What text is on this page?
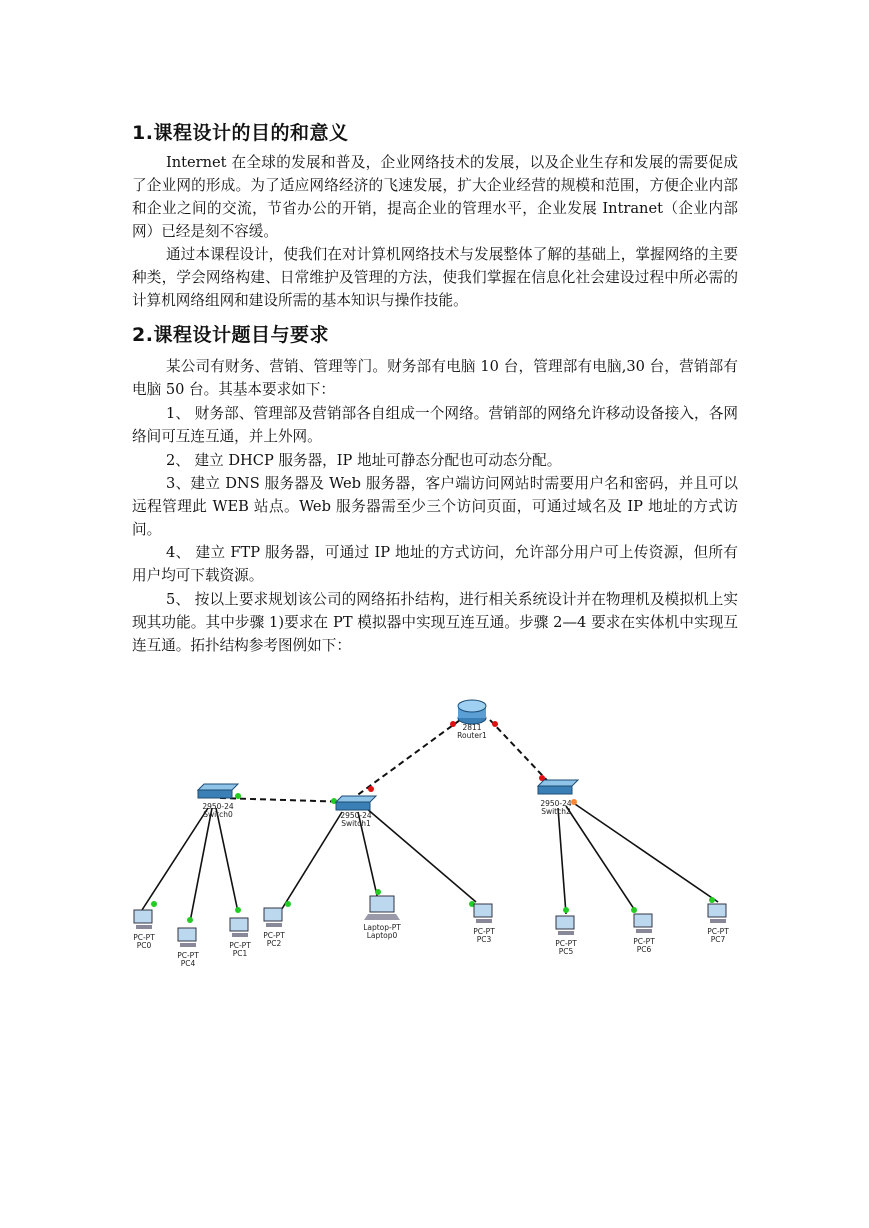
1.课程设计的目的和意义

Internet 在全球的发展和普及，企业网络技术的发展，以及企业生存和发展的需要促成了企业网的形成。为了适应网络经济的飞速发展，扩大企业经营的规模和范围，方便企业内部和企业之间的交流，节省办公的开销，提高企业的管理水平，企业发展 Intranet（企业内部网）已经是刻不容缓。

通过本课程设计，使我们在对计算机网络技术与发展整体了解的基础上，掌握网络的主要种类，学会网络构建、日常维护及管理的方法，使我们掌握在信息化社会建设过程中所必需的计算机网络组网和建设所需的基本知识与操作技能。

2.课程设计题目与要求

某公司有财务、营销、管理等门。财务部有电脑 10 台，管理部有电脑,30 台，营销部有电脑 50 台。其基本要求如下：

1、 财务部、管理部及营销部各自组成一个网络。营销部的网络允许移动设备接入，各网络间可互连互通，并上外网。

2、 建立 DHCP 服务器，IP 地址可静态分配也可动态分配。

3、建立 DNS 服务器及 Web 服务器，客户端访问网站时需要用户名和密码，并且可以远程管理此 WEB 站点。Web 服务器需至少三个访问页面，可通过域名及 IP 地址的方式访问。

4、 建立 FTP 服务器，可通过 IP 地址的方式访问，允许部分用户可上传资源，但所有用户均可下载资源。

5、 按以上要求规划该公司的网络拓扑结构，进行相关系统设计并在物理机及模拟机上实现其功能。其中步骤 1)要求在 PT 模拟器中实现互连互通。步骤 2—4 要求在实体机中实现互连互通。拓扑结构参考图例如下：

2811
Router1
2950-24
Switch0	2950-24
Switch1
2950-24
Switch2
PC-PT
PC0
PC-PT
PC4
PC-PT
PC1
PC-PT
PC2
Laptop-PT
Laptop0	PC-PT
PC3	PC-PT
PC5
PC-PT
PC6
PC-PT
PC7
